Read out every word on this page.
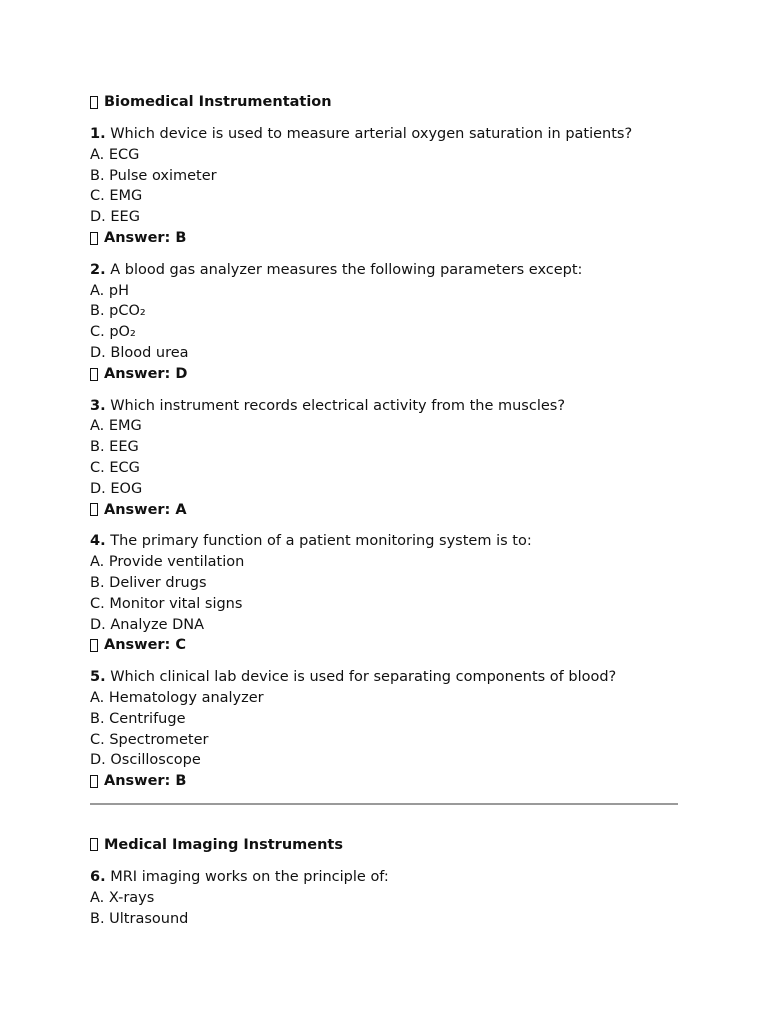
Biomedical Instrumentation
1. Which device is used to measure arterial oxygen saturation in patients?
A. ECG
B. Pulse oximeter
C. EMG
D. EEG
Answer: B
2. A blood gas analyzer measures the following parameters except:
A. pH
B. pCO₂
C. pO₂
D. Blood urea
Answer: D
3. Which instrument records electrical activity from the muscles?
A. EMG
B. EEG
C. ECG
D. EOG
Answer: A
4. The primary function of a patient monitoring system is to:
A. Provide ventilation
B. Deliver drugs
C. Monitor vital signs
D. Analyze DNA
Answer: C
5. Which clinical lab device is used for separating components of blood?
A. Hematology analyzer
B. Centrifuge
C. Spectrometer
D. Oscilloscope
Answer: B
Medical Imaging Instruments
6. MRI imaging works on the principle of:
A. X-rays
B. Ultrasound
